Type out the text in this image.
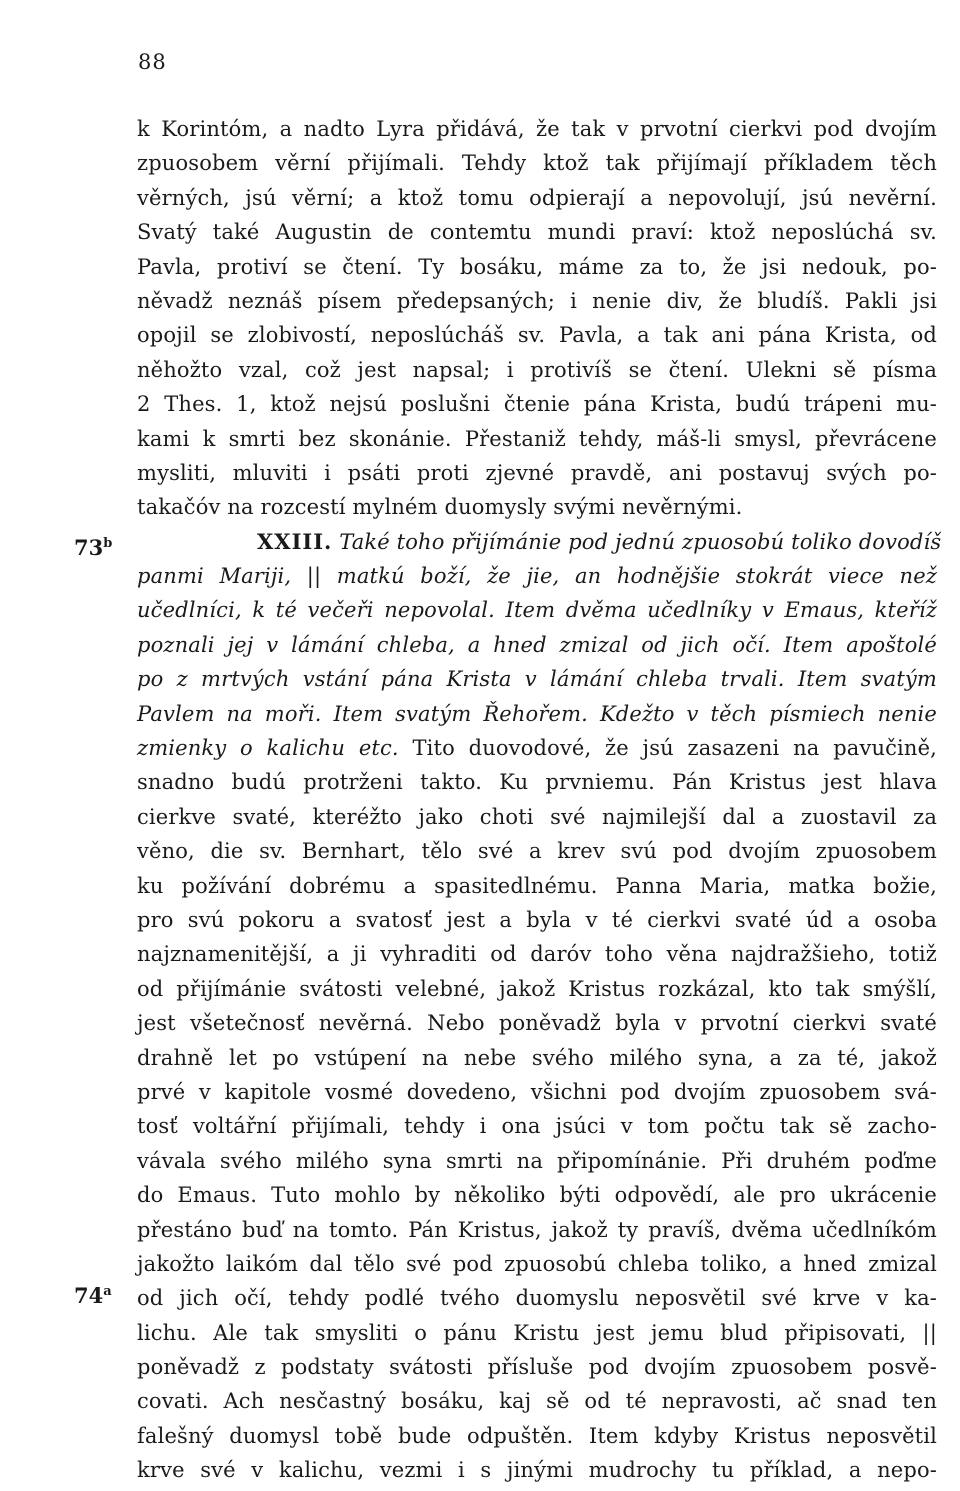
88
73$^b$
74$^a$
k Korintóm, a nadto Lyra přidává, že tak v prvotní cierkvi pod dvojím
zpuosobem věrní přijímali. Tehdy ktož tak přijímají příkladem těch
věrných, jsú věrní; a ktož tomu odpierají a nepovolují, jsú nevěrní.
Svatý také Augustin de contemtu mundi praví: ktož neposlúchá sv.
Pavla, protiví se čtení. Ty bosáku, máme za to, že jsi nedouk, po-
něvadž neznáš písem předepsaných; i nenie div, že bludíš. Pakli jsi
opojil se zlobivostí, neposlúcháš sv. Pavla, a tak ani pána Krista, od
něhožto vzal, což jest napsal; i protivíš se čtení. Ulekni sě písma
2 Thes. 1, ktož nejsú poslušni čtenie pána Krista, budú trápeni mu-
kami k smrti bez skonánie. Přestaniž tehdy, máš-li smysl, převrácene
mysliti, mluviti i psáti proti zjevné pravdě, ani postavuj svých po-
takačóv na rozcestí mylném duomysly svými nevěrnými.
XXIII. Také toho přijímánie pod jednú zpuosobú toliko dovodíš
panmi Mariji, || matkú boží, že jie, an hodnějšie stokrát viece než
učedlníci, k té večeři nepovolal. Item dvěma učedlníky v Emaus, kteříž
poznali jej v lámání chleba, a hned zmizal od jich očí. Item apoštolé
po z mrtvých vstání pána Krista v lámání chleba trvali. Item svatým
Pavlem na moři. Item svatým Řehořem. Kdežto v těch písmiech nenie
zmienky o kalichu etc. Tito duovodové, že jsú zasazeni na pavučině,
snadno budú protrženi takto. Ku prvniemu. Pán Kristus jest hlava
cierkve svaté, kteréžto jako choti své najmilejší dal a zuostavil za
věno, die sv. Bernhart, tělo své a krev svú pod dvojím zpuosobem
ku požívání dobrému a spasitedlnému. Panna Maria, matka božie,
pro svú pokoru a svatosť jest a byla v té cierkvi svaté úd a osoba
najznamenitější, a ji vyhraditi od daróv toho věna najdražšieho, totiž
od přijímánie svátosti velebné, jakož Kristus rozkázal, kto tak smýšlí,
jest všetečnosť nevěrná. Nebo poněvadž byla v prvotní cierkvi svaté
drahně let po vstúpení na nebe svého milého syna, a za té, jakož
prvé v kapitole vosmé dovedeno, všichni pod dvojím zpuosobem svá-
tosť voltářní přijímali, tehdy i ona jsúci v tom počtu tak sě zacho-
vávala svého milého syna smrti na připomínánie. Při druhém poďme
do Emaus. Tuto mohlo by několiko býti odpovědí, ale pro ukrácenie
přestáno buď na tomto. Pán Kristus, jakož ty pravíš, dvěma učedlníkóm
jakožto laikóm dal tělo své pod zpuosobú chleba toliko, a hned zmizal
od jich očí, tehdy podlé tvého duomyslu neposvětil své krve v ka-
lichu. Ale tak smysliti o pánu Kristu jest jemu blud připisovati, ||
poněvadž z podstaty svátosti přísluše pod dvojím zpuosobem posvě-
covati. Ach nesčastný bosáku, kaj sě od té nepravosti, ač snad ten
falešný duomysl tobě bude odpuštěn. Item kdyby Kristus neposvětil
krve své v kalichu, vezmi i s jinými mudrochy tu příklad, a nepo-
